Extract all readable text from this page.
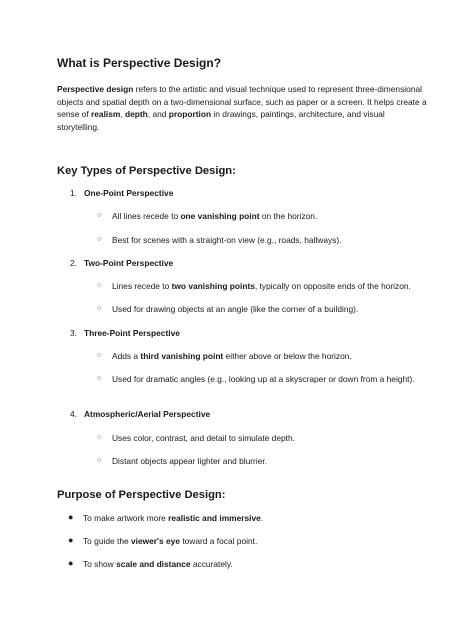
What is Perspective Design?

Perspective design refers to the artistic and visual technique used to represent three-dimensional objects and spatial depth on a two-dimensional surface, such as paper or a screen. It helps create a sense of realism, depth, and proportion in drawings, paintings, architecture, and visual storytelling.

Key Types of Perspective Design:
1. One-Point Perspective
○ All lines recede to one vanishing point on the horizon.
○ Best for scenes with a straight-on view (e.g., roads, hallways).
2. Two-Point Perspective
○ Lines recede to two vanishing points, typically on opposite ends of the horizon.
○ Used for drawing objects at an angle (like the corner of a building).
3. Three-Point Perspective
○ Adds a third vanishing point either above or below the horizon.
○ Used for dramatic angles (e.g., looking up at a skyscraper or down from a height).
4. Atmospheric/Aerial Perspective
○ Uses color, contrast, and detail to simulate depth.
○ Distant objects appear lighter and blurrier.
Purpose of Perspective Design:
● To make artwork more realistic and immersive.
● To guide the viewer's eye toward a focal point.
● To show scale and distance accurately.
